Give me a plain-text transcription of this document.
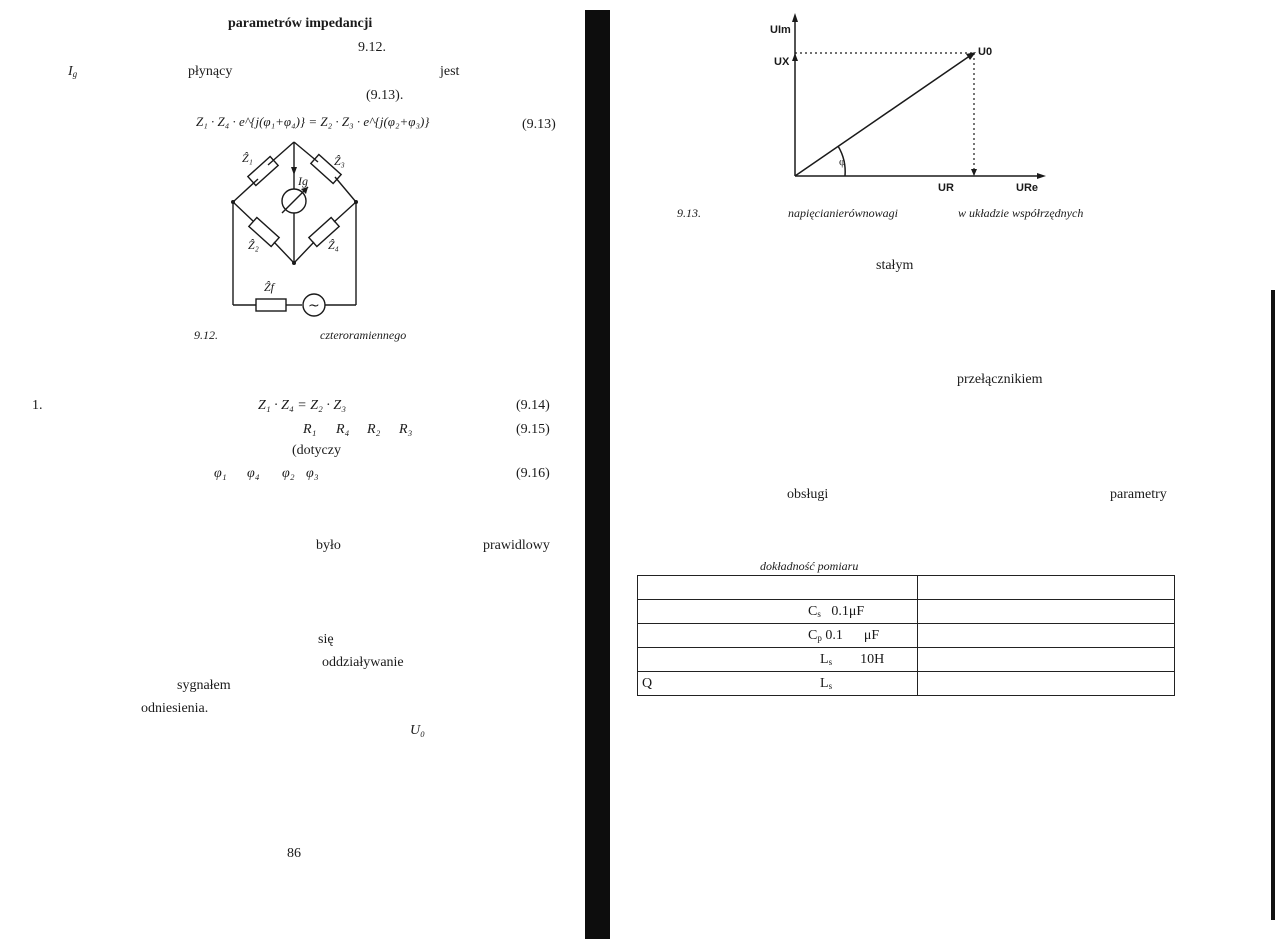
parametrów impedancji
9.12.
$I_g$	płynący	jest
(9.13).
Z₁ · Z₄ · e^{j(φ₁+φ₄)} = Z₂ · Z₃ · e^{j(φ₂+φ₃)}	(9.13)
Ẑ₁	Ẑ₃
Ig
Ẑ₂	Ẑ₄
Ẑf
~
9.12.	czteroramiennego
1.	Z₁ · Z₄ = Z₂ · Z₃	(9.14)
R₁ R₄ R₂ R₃	(9.15)
(dotyczy
φ₁ φ₄ φ₂ φ₃	(9.16)
było	prawidlowy
się
oddziaływanie
sygnałem
odniesienia.
U₀
86
UIm
UX
U0
UR	URe
φ
9.13.	napięcianierównowagi	w układzie współrzędnych
stałym
przełącznikiem
obsługi	parametry
dokładność pomiaru
$C_s$   0.1μF
$C_p$ 0.1      μF
$L_s$        10H
Q	$L_s$
